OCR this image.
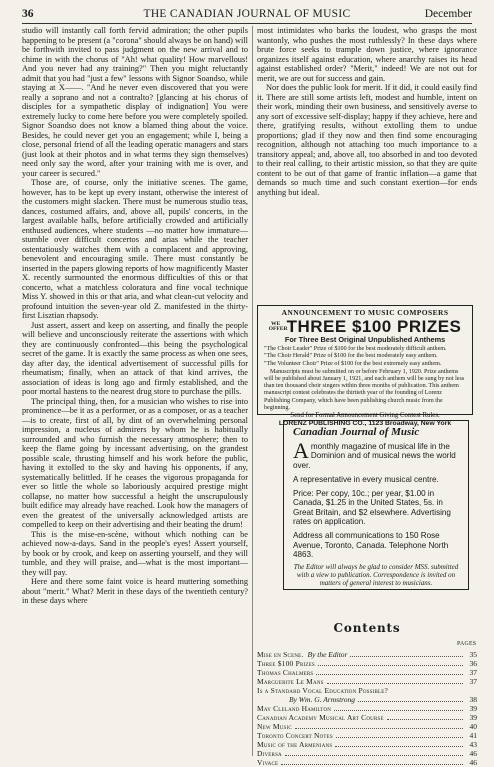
36	THE CANADIAN JOURNAL OF MUSIC	December

studio will instantly call forth fervid admiration; the other pupils happening to be present (a "corona" should always be on hand) will be forthwith invited to pass judgment on the new arrival and to chime in with the chorus of "Ah! what quality! How marvellous! And you never had any training?" Then you might reluctantly admit that you had "just a few" lessons with Signor Soandso, while staying at X——. "And he never even discovered that you were really a soprano and not a contralto? [glancing at his chorus of disciples for a sympathetic display of indignation] You were extremely lucky to come here before you were completely spoiled. Signor Soandso does not know a blamed thing about the voice. Besides, he could never get you an engagement; while I, being a close, personal friend of all the leading operatic managers and stars (just look at their photos and in what terms they sign themselves) need only say the word, after your training with me is over, and your career is secured."

Those are, of course, only the initiative scenes. The game, however, has to be kept up every instant, otherwise the interest of the customers might slacken. There must be numerous studio teas, dances, costumed affairs, and, above all, pupils' concerts, in the largest available halls, before artificially crowded and artificially enthused audiences, where students —no matter how immature—stumble over difficult concertos and arias while the teacher ostentatiously watches them with a complacent and approving, benevolent and encouraging smile. There must constantly be inserted in the papers glowing reports of how magnificently Master X. recently surmounted the enormous difficulties of this or that concerto, what a matchless coloratura and fine vocal technique Miss Y. showed in this or that aria, and what clean-cut velocity and profound intuition the seven-year old Z. manifested in the thirty-first Lisztian rhapsody.

Just assert, assert and keep on asserting, and finally the people will believe and unconsciously reiterate the assertions with which they are continuously confronted—this being the psychological secret of the game. It is exactly the same process as when one sees, day after day, the identical advertisement of successful pills for rheumatism; finally, when an attack of that kind arrives, the association of ideas is long ago and firmly established, and the poor mortal hastens to the nearest drug store to purchase the pills.

The principal thing, then, for a musician who wishes to rise into prominence—be it as a performer, or as a composer, or as a teacher—is to create, first of all, by dint of an overwhelming personal impression, a nucleus of admirers by whom he is habitually surrounded and who furnish the necessary atmosphere; then to keep the flame going by incessant advertising, on the grandest possible scale, thrusting himself and his work before the public, having it extolled to the sky and having his opponents, if any, systematically belittled. If he ceases the vigorous propaganda for ever so little the whole so laboriously acquired prestige might collapse, no matter how successful a height the unscrupulously built edifice may already have reached. Look how the managers of even the greatest of the universally acknowledged artists are compelled to keep on their advertising and their beating the drum!

This is the mise-en-scène, without which nothing can be achieved now-a-days. Sand in the people's eyes! Assert yourself, by book or by crook, and keep on asserting yourself, and they will tumble, and they will praise, and—what is the most important—they will pay.

Here and there some faint voice is heard muttering something about "merit." What? Merit in these days of the twentieth century? in these days where

most intimidates who barks the loudest, who grasps the most wantonly, who pushes the most ruthlessly? In these days where brute force seeks to trample down justice, where ignorance organizes itself against education, where anarchy raises its head against established order? "Merit," indeed! We are not out for merit, we are out for success and gain.

Nor does the public look for merit. If it did, it could easily find it. There are still some artists left, modest and humble, intent on their work, minding their own business, and sensitively averse to any sort of excessive self-display; happy if they achieve, here and there, gratifying results, without extolling them to undue proportions; glad if they now and then find some encouraging recognition, although not attaching too much importance to a transitory appeal; and, above all, too absorbed in and too devoted to their real calling, to their artistic mission, so that they are quite content to be out of that game of frantic inflation—a game that demands so much time and such constant exertion—for ends anything but ideal.

ANNOUNCEMENT TO MUSIC COMPOSERS
WE OFFER THREE $100 PRIZES
For Three Best Original Unpublished Anthems
"The Choir Leader" Prize of $100 for the best moderately difficult anthem.
"The Choir Herald" Prize of $100 for the best moderately easy anthem.
"The Volunteer Choir" Prize of $100 for the best extremely easy anthem.
Manuscripts must be submitted on or before February 1, 1920. Prize anthems will be published about January 1, 1921, and each anthem will be sung by not less than ten thousand choir singers within three months of publication. This anthem manuscript contest celebrates the thirtieth year of the founding of Lorenz Publishing Company, which have been publishing church music from the beginning.
Send for Formal Announcement Giving Contest Rules.
LORENZ PUBLISHING CO., 1123 Broadway, New York
Canadian Journal of Music

Amonthly magazine of musical life in the Dominion and of musical news the world over.

A representative in every musical centre.

Price: Per copy, 10c.; per year, $1.00 in Canada, $1.25 in the United States, 5s. in Great Britain, and $2 elsewhere. Advertising rates on application.

Address all communications to 150 Rose Avenue, Toronto, Canada. Telephone North 4863.

The Editor will always be glad to consider MSS. submitted with a view to publication. Correspondence is invited on matters of general interest to musicians.

Contents
PAGES
Mise en Scene. By the Editor	35
Three $100 Prizes	36
Thomas Chalmers	37
Marguerite Le Mans	37
Is a Standard Vocal Education Possible?
By Wm. G. Armstrong	38
May Cleland Hamilton	39
Canadian Academy Musical Art Course	39
New Music	40
Toronto Concert Notes	41
Music of the Armenians	43
Diversa	46
Vivace	46
